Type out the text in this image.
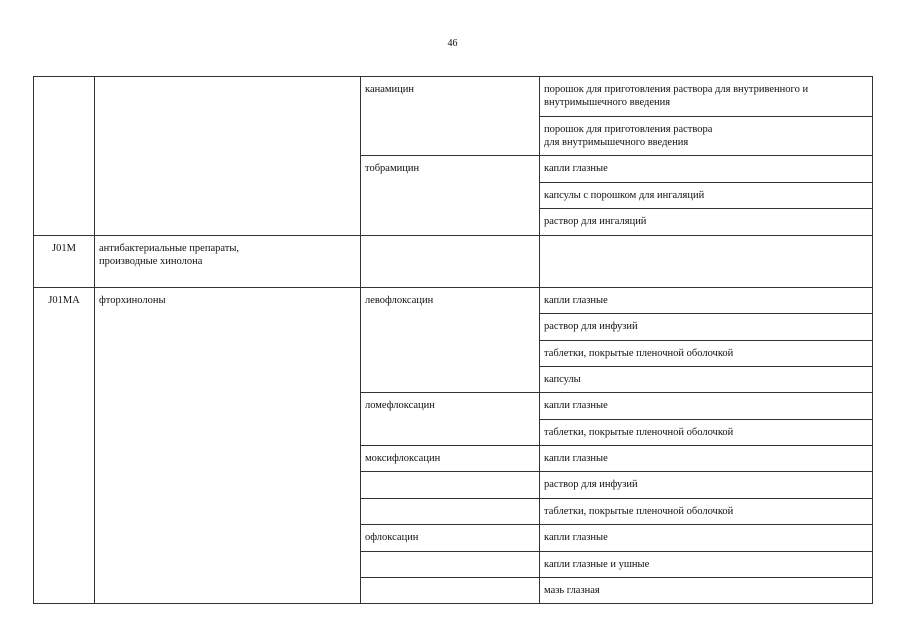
46
		канамицин	порошок для приготовления раствора для внутривенного и внутримышечного введения
			порошок для приготовления раствора
для внутримышечного введения
		тобрамицин	капли глазные
			капсулы с порошком для ингаляций
			раствор для ингаляций
J01M	антибактериальные препараты,
производные хинолона		
J01MA	фторхинолоны	левофлоксацин	капли глазные
			раствор для инфузий
			таблетки, покрытые пленочной оболочкой
			капсулы
		ломефлоксацин	капли глазные
			таблетки, покрытые пленочной оболочкой
		моксифлоксацин	капли глазные
			раствор для инфузий
			таблетки, покрытые пленочной оболочкой
		офлоксацин	капли глазные
			капли глазные и ушные
			мазь глазная
